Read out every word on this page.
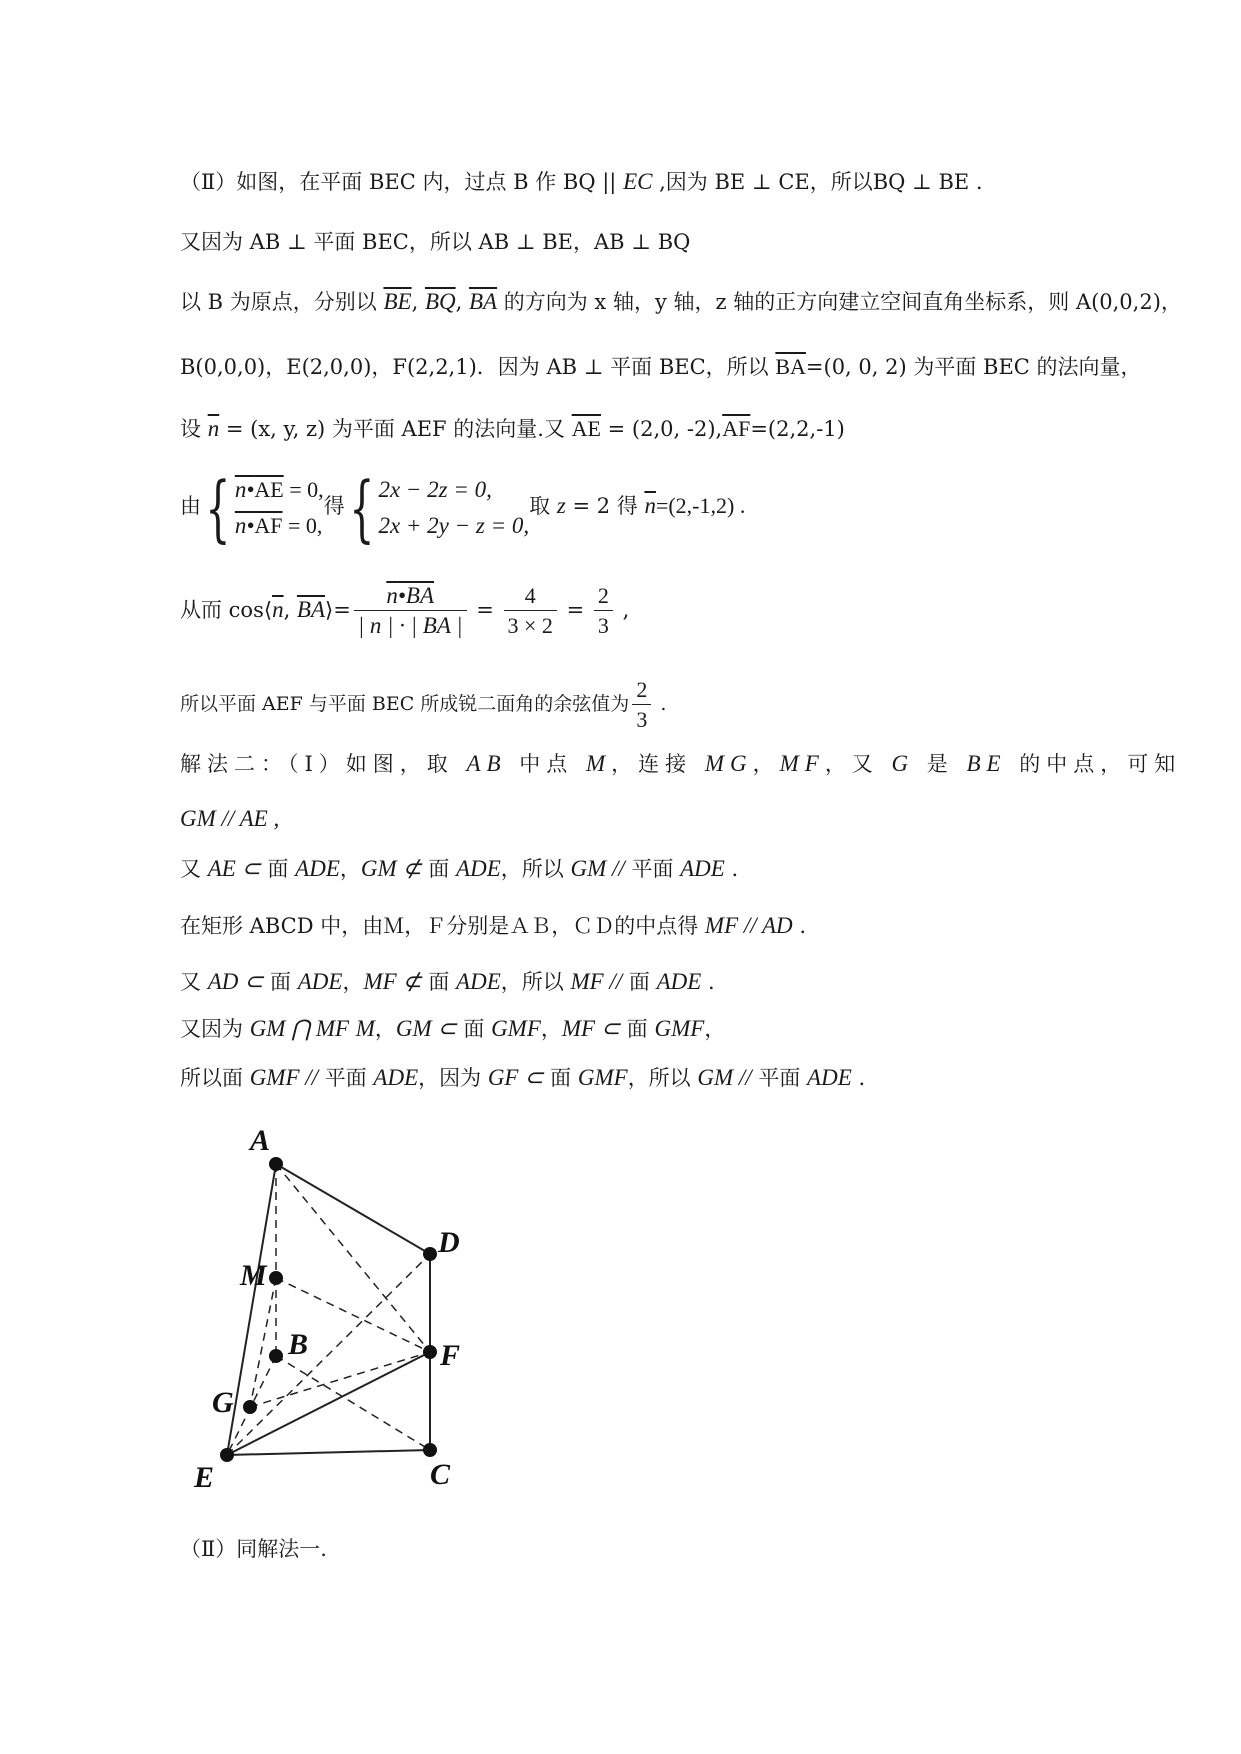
（Ⅱ）如图，在平面 BEC 内，过点 B 作 BQ || EC ,因为 BE ⊥ CE，所以BQ ⊥ BE .
又因为 AB ⊥ 平面 BEC，所以 AB ⊥ BE，AB ⊥ BQ
以 B 为原点，分别以 $\overline{BE}$, $\overline{BQ}$, $\overline{BA}$ 的方向为 x 轴，y 轴，z 轴的正方向建立空间直角坐标系，则 A(0,0,2)，
B(0,0,0)，E(2,0,0)，F(2,2,1)．因为 AB ⊥ 平面 BEC，所以 $\overline{BA}=(0$, 0, 2) 为平面 BEC 的法向量，
设 $\overline{n} = (x$, y, z) 为平面 AEF 的法向量.又 $\overline{AE} = (2,0$, $-2),\overline{AF}=(2,2,-1)$
由{ $n•\overline{AE} = 0$,
$n•\overline{AF} = 0$,
得{ 2x − 2z = 0,
2x + 2y − z = 0,
取 z = 2 得 $\overline{n}=(2,-1,2)$ .
从而 $\cos⟨\overline{n}$, $\overline{BA}⟩= \frac{\overline{n}•BA}{| n | \cdot | BA |} = \frac{4}{3 \times 2} = \frac{2}{3}$ ,
所以平面 AEF 与平面 BEC 所成锐二面角的余弦值为 $\frac{2}{3}$ .
解法二：（Ⅰ）如图，取 AB 中点 M，连接 MG，MF，又 G 是 BE 的中点，可知
GM // AE ,
又 AE ⊂ 面 ADE，GM ⊄ 面 ADE，所以 GM // 平面 ADE .
在矩形 ABCD 中，由Ｍ，Ｆ分别是ＡＢ，ＣＤ的中点得 MF // AD .
又 AD ⊂ 面 ADE，MF ⊄ 面 ADE，所以 MF // 面 ADE .
又因为 GM ⋂ MF M，GM ⊂ 面 GMF，MF ⊂ 面 GMF，
所以面 GMF // 平面 ADE，因为 GF ⊂ 面 GMF，所以 GM // 平面 ADE .
A
D
M
B	F
G
E	C
（Ⅱ）同解法一.
